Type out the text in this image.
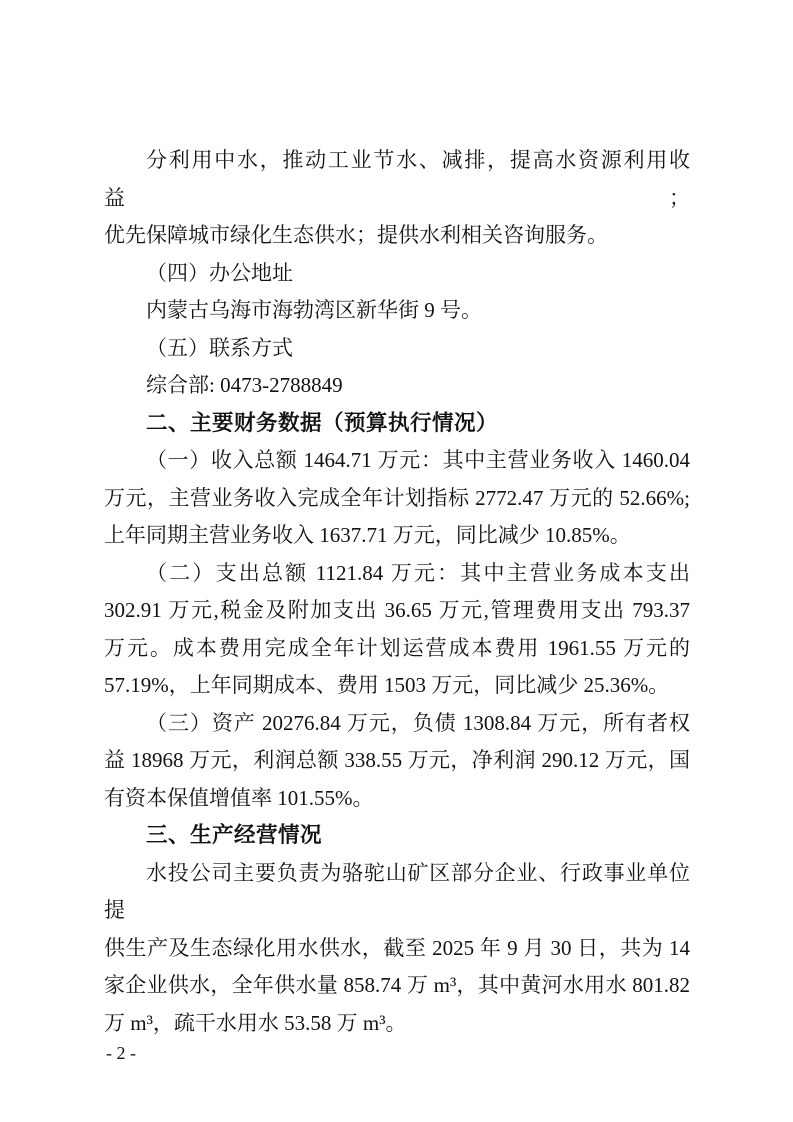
分利用中水，推动工业节水、减排，提高水资源利用收益；
优先保障城市绿化生态供水；提供水利相关咨询服务。
（四）办公地址
内蒙古乌海市海勃湾区新华街 9 号。
（五）联系方式
综合部: 0473-2788849
二、主要财务数据（预算执行情况）
（一）收入总额 1464.71 万元：其中主营业务收入 1460.04
万元，主营业务收入完成全年计划指标 2772.47 万元的 52.66%;
上年同期主营业务收入 1637.71 万元，同比减少 10.85%。
（二）支出总额 1121.84 万元：其中主营业务成本支出
302.91 万元,税金及附加支出 36.65 万元,管理费用支出 793.37
万元。成本费用完成全年计划运营成本费用 1961.55 万元的
57.19%，上年同期成本、费用 1503 万元，同比减少 25.36%。
（三）资产 20276.84 万元，负债 1308.84 万元，所有者权
益 18968 万元，利润总额 338.55 万元，净利润 290.12 万元，国
有资本保值增值率 101.55%。
三、生产经营情况
水投公司主要负责为骆驼山矿区部分企业、行政事业单位提
供生产及生态绿化用水供水，截至 2025 年 9 月 30 日，共为 14
家企业供水，全年供水量 858.74 万 m³，其中黄河水用水 801.82
万 m³，疏干水用水 53.58 万 m³。
- 2 -
